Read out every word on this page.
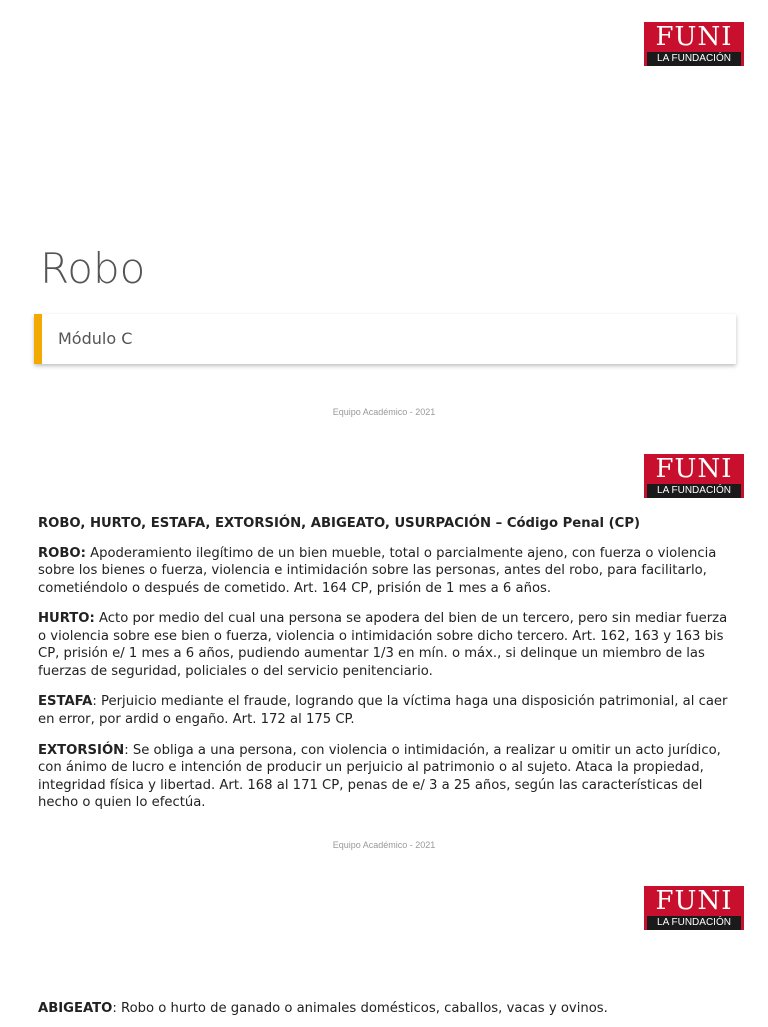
FUNI
LA FUNDACIÓN
Robo
Módulo C
Equipo Académico - 2021
FUNI
LA FUNDACIÓN
ROBO, HURTO, ESTAFA, EXTORSIÓN, ABIGEATO, USURPACIÓN – Código Penal (CP)

ROBO: Apoderamiento ilegítimo de un bien mueble, total o parcialmente ajeno, con fuerza o violencia sobre los bienes o fuerza, violencia e intimidación sobre las personas, antes del robo, para facilitarlo, cometiéndolo o después de cometido. Art. 164 CP, prisión de 1 mes a 6 años.

HURTO: Acto por medio del cual una persona se apodera del bien de un tercero, pero sin mediar fuerza o violencia sobre ese bien o fuerza, violencia o intimidación sobre dicho tercero. Art. 162, 163 y 163 bis CP, prisión e/ 1 mes a 6 años, pudiendo aumentar 1/3 en mín. o máx., si delinque un miembro de las fuerzas de seguridad, policiales o del servicio penitenciario.

ESTAFA: Perjuicio mediante el fraude, logrando que la víctima haga una disposición patrimonial, al caer en error, por ardid o engaño. Art. 172 al 175 CP.

EXTORSIÓN: Se obliga a una persona, con violencia o intimidación, a realizar u omitir un acto jurídico, con ánimo de lucro e intención de producir un perjuicio al patrimonio o al sujeto. Ataca la propiedad, integridad física y libertad. Art. 168 al 171 CP, penas de e/ 3 a 25 años, según las características del hecho o quien lo efectúa.

Equipo Académico - 2021
FUNI
LA FUNDACIÓN

ABIGEATO: Robo o hurto de ganado o animales domésticos, caballos, vacas y ovinos.
